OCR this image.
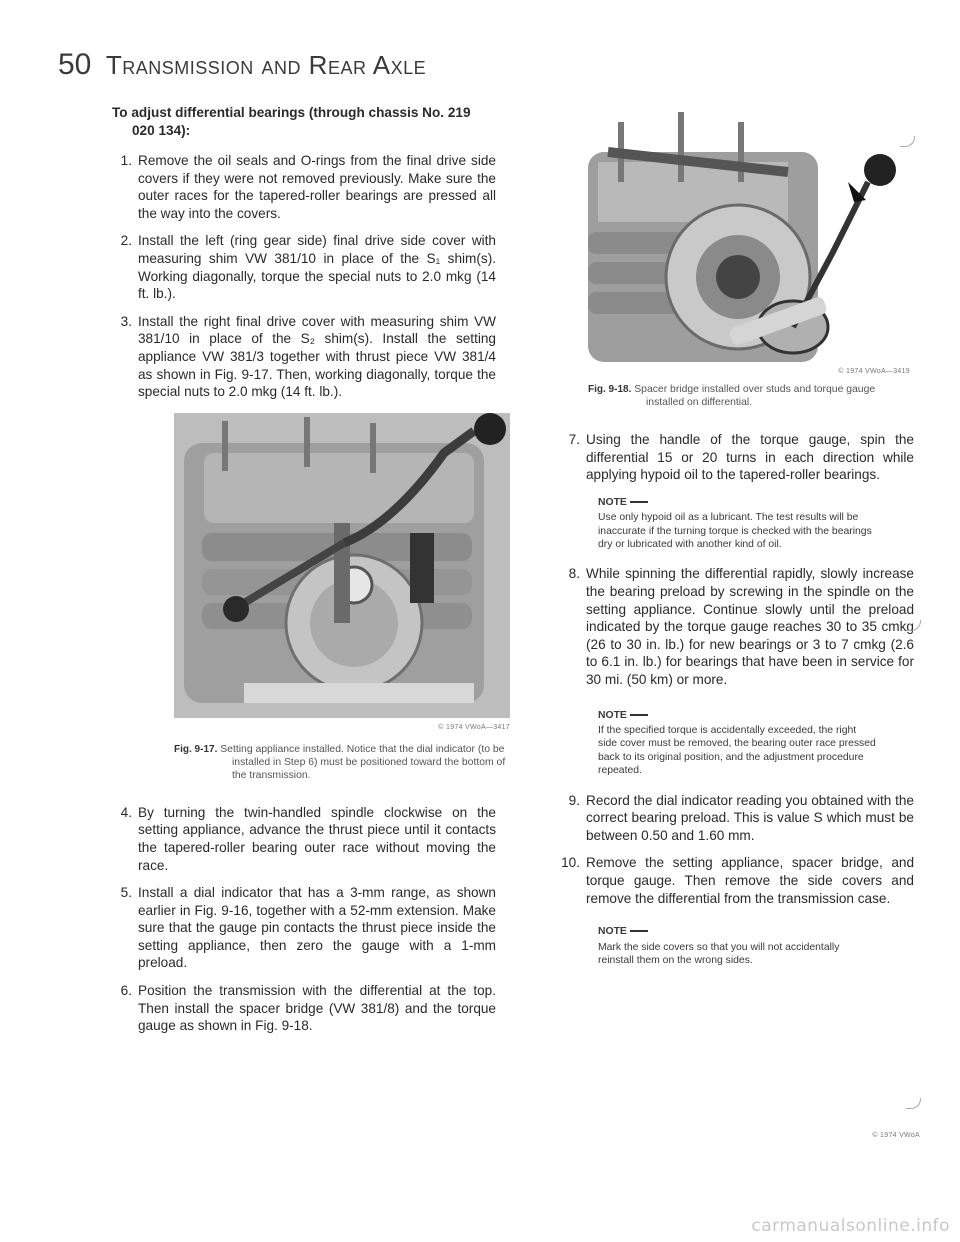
50 Transmission and Rear Axle

To adjust differential bearings (through chassis No. 219 020 134):

1. Remove the oil seals and O-rings from the final drive side covers if they were not removed previously. Make sure the outer races for the tapered-roller bearings are pressed all the way into the covers.
2. Install the left (ring gear side) final drive side cover with measuring shim VW 381/10 in place of the S₁ shim(s). Working diagonally, torque the special nuts to 2.0 mkg (14 ft. lb.).
3. Install the right final drive cover with measuring shim VW 381/10 in place of the S₂ shim(s). Install the setting appliance VW 381/3 together with thrust piece VW 381/4 as shown in Fig. 9-17. Then, working diagonally, torque the special nuts to 2.0 mkg (14 ft. lb.).
© 1974 VWoA—3417

Fig. 9-17. Setting appliance installed. Notice that the dial indicator (to be installed in Step 6) must be positioned toward the bottom of the transmission.

4. By turning the twin-handled spindle clockwise on the setting appliance, advance the thrust piece until it contacts the tapered-roller bearing outer race without moving the race.
5. Install a dial indicator that has a 3-mm range, as shown earlier in Fig. 9-16, together with a 52-mm extension. Make sure that the gauge pin contacts the thrust piece inside the setting appliance, then zero the gauge with a 1-mm preload.
6. Position the transmission with the differential at the top. Then install the spacer bridge (VW 381/8) and the torque gauge as shown in Fig. 9-18.
© 1974 VWoA—3419

Fig. 9-18. Spacer bridge installed over studs and torque gauge installed on differential.

7. Using the handle of the torque gauge, spin the differential 15 or 20 turns in each direction while applying hypoid oil to the tapered-roller bearings.
NOTE
Use only hypoid oil as a lubricant. The test results will be inaccurate if the turning torque is checked with the bearings dry or lubricated with another kind of oil.
8. While spinning the differential rapidly, slowly increase the bearing preload by screwing in the spindle on the setting appliance. Continue slowly until the preload indicated by the torque gauge reaches 30 to 35 cmkg (26 to 30 in. lb.) for new bearings or 3 to 7 cmkg (2.6 to 6.1 in. lb.) for bearings that have been in service for 30 mi. (50 km) or more.
NOTE
If the specified torque is accidentally exceeded, the right side cover must be removed, the bearing outer race pressed back to its original position, and the adjustment procedure repeated.
9. Record the dial indicator reading you obtained with the correct bearing preload. This is value S which must be between 0.50 and 1.60 mm.
10. Remove the setting appliance, spacer bridge, and torque gauge. Then remove the side covers and remove the differential from the transmission case.
NOTE
Mark the side covers so that you will not accidentally reinstall them on the wrong sides.
© 1974 VWoA
carmanualsonline.info
